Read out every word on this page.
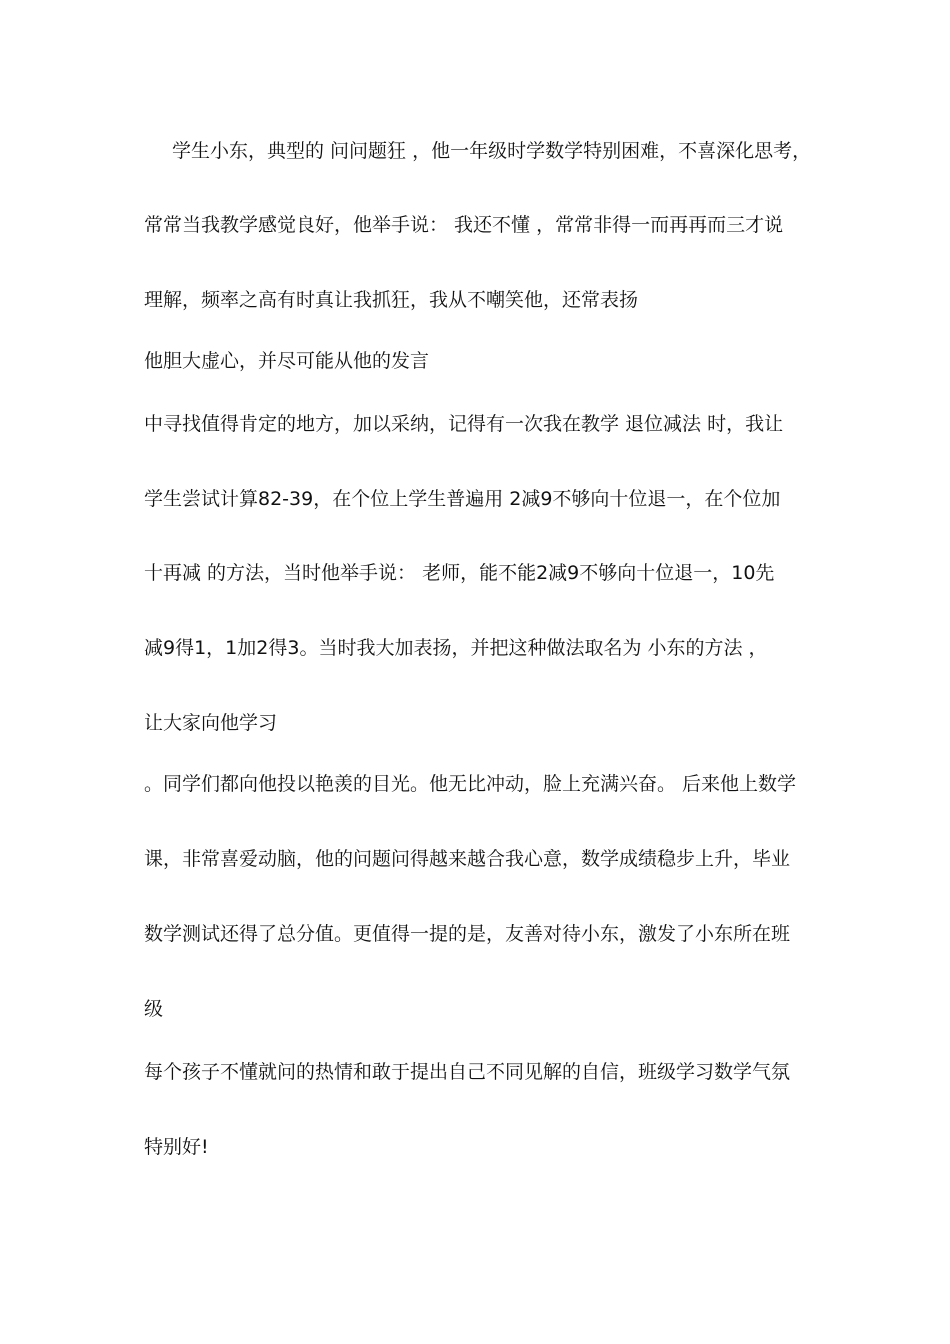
学生小东，典型的 问问题狂 ，他一年级时学数学特别困难，不喜深化思考，
常常当我教学感觉良好，他举手说： 我还不懂 ，常常非得一而再再而三才说
理解，频率之高有时真让我抓狂，我从不嘲笑他，还常表扬
他胆大虚心，并尽可能从他的发言
中寻找值得肯定的地方，加以采纳，记得有一次我在教学 退位减法 时，我让
学生尝试计算82-39，在个位上学生普遍用 2减9不够向十位退一，在个位加
十再减 的方法，当时他举手说： 老师，能不能2减9不够向十位退一，10先
减9得1，1加2得3。当时我大加表扬，并把这种做法取名为 小东的方法 ，
让大家向他学习
。同学们都向他投以艳羡的目光。他无比冲动，脸上充满兴奋。 后来他上数学
课，非常喜爱动脑，他的问题问得越来越合我心意，数学成绩稳步上升，毕业
数学测试还得了总分值。更值得一提的是，友善对待小东，激发了小东所在班
级
每个孩子不懂就问的热情和敢于提出自己不同见解的自信，班级学习数学气氛
特别好!
